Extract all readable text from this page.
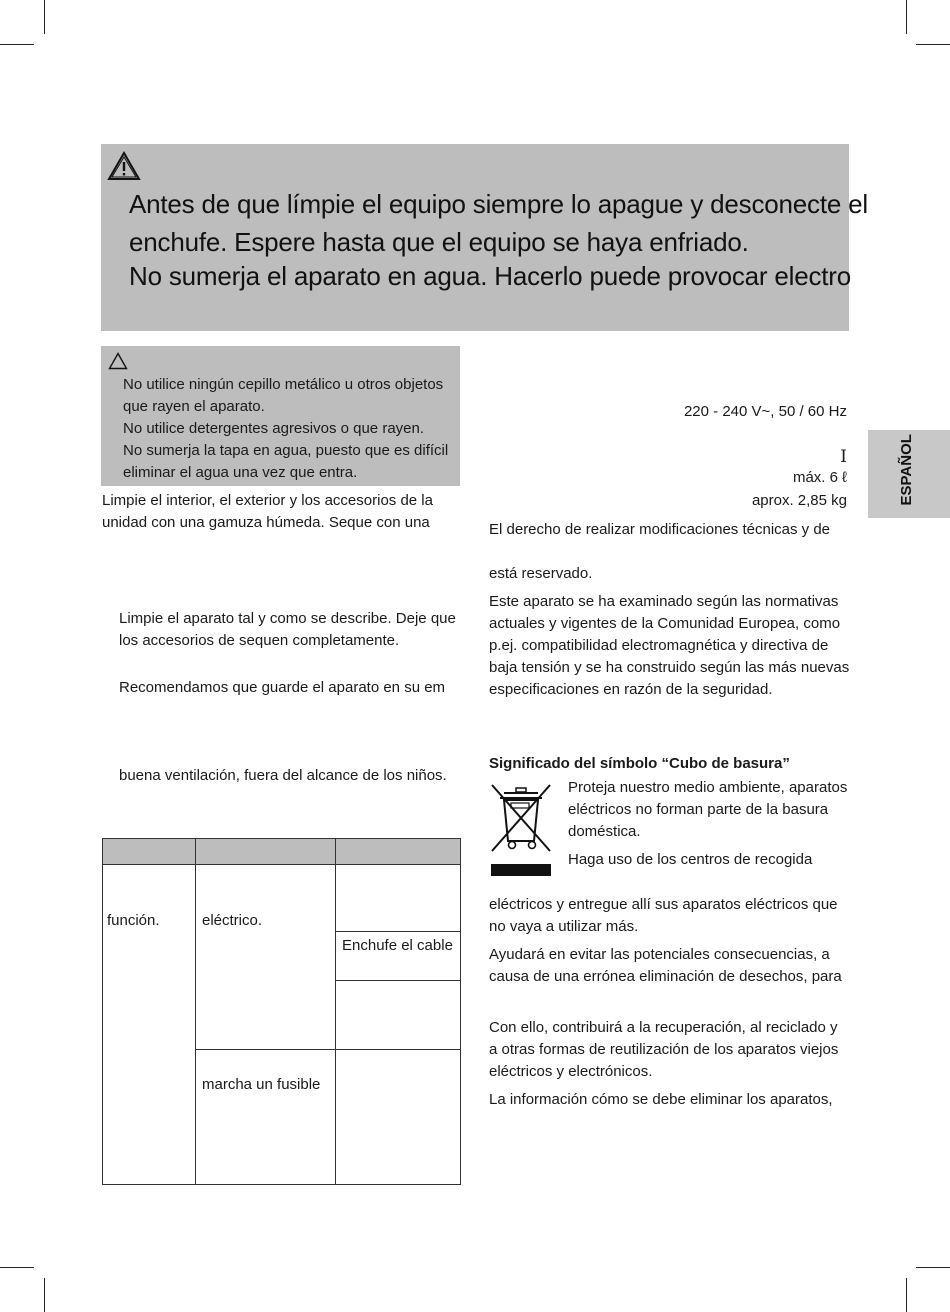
Antes de que límpie el equipo siempre lo apague y desconecte el
enchufe. Espere hasta que el equipo se haya enfriado.
No sumerja el aparato en agua. Hacerlo puede provocar electro
No utilice ningún cepillo metálico u otros objetos
que rayen el aparato.
No utilice detergentes agresivos o que rayen.
No sumerja la tapa en agua, puesto que es difícil
eliminar el agua una vez que entra.
Limpie el interior, el exterior y los accesorios de la
unidad con una gamuza húmeda. Seque con una
Limpie el aparato tal y como se describe. Deje que
los accesorios de sequen completamente.
Recomendamos que guarde el aparato en su em
buena ventilación, fuera del alcance de los niños.
función.	eléctrico.
Enchufe el cable
marcha un fusible
220 - 240 V~, 50 / 60 Hz
I
máx. 6 ℓ
aprox. 2,85 kg
El derecho de realizar modificaciones técnicas y de
está reservado.
Este aparato se ha examinado según las normativas
actuales y vigentes de la Comunidad Europea, como
p.ej. compatibilidad electromagnética y directiva de
baja tensión y se ha construido según las más nuevas
especificaciones en razón de la seguridad.
Significado del símbolo “Cubo de basura”
Proteja nuestro medio ambiente, aparatos
eléctricos no forman parte de la basura
doméstica.
Haga uso de los centros de recogida
eléctricos y entregue allí sus aparatos eléctricos que
no vaya a utilizar más.
Ayudará en evitar las potenciales consecuencias, a
causa de una errónea eliminación de desechos, para
Con ello, contribuirá a la recuperación, al reciclado y
a otras formas de reutilización de los aparatos viejos
eléctricos y electrónicos.
La información cómo se debe eliminar los aparatos,
ESPAÑOL
